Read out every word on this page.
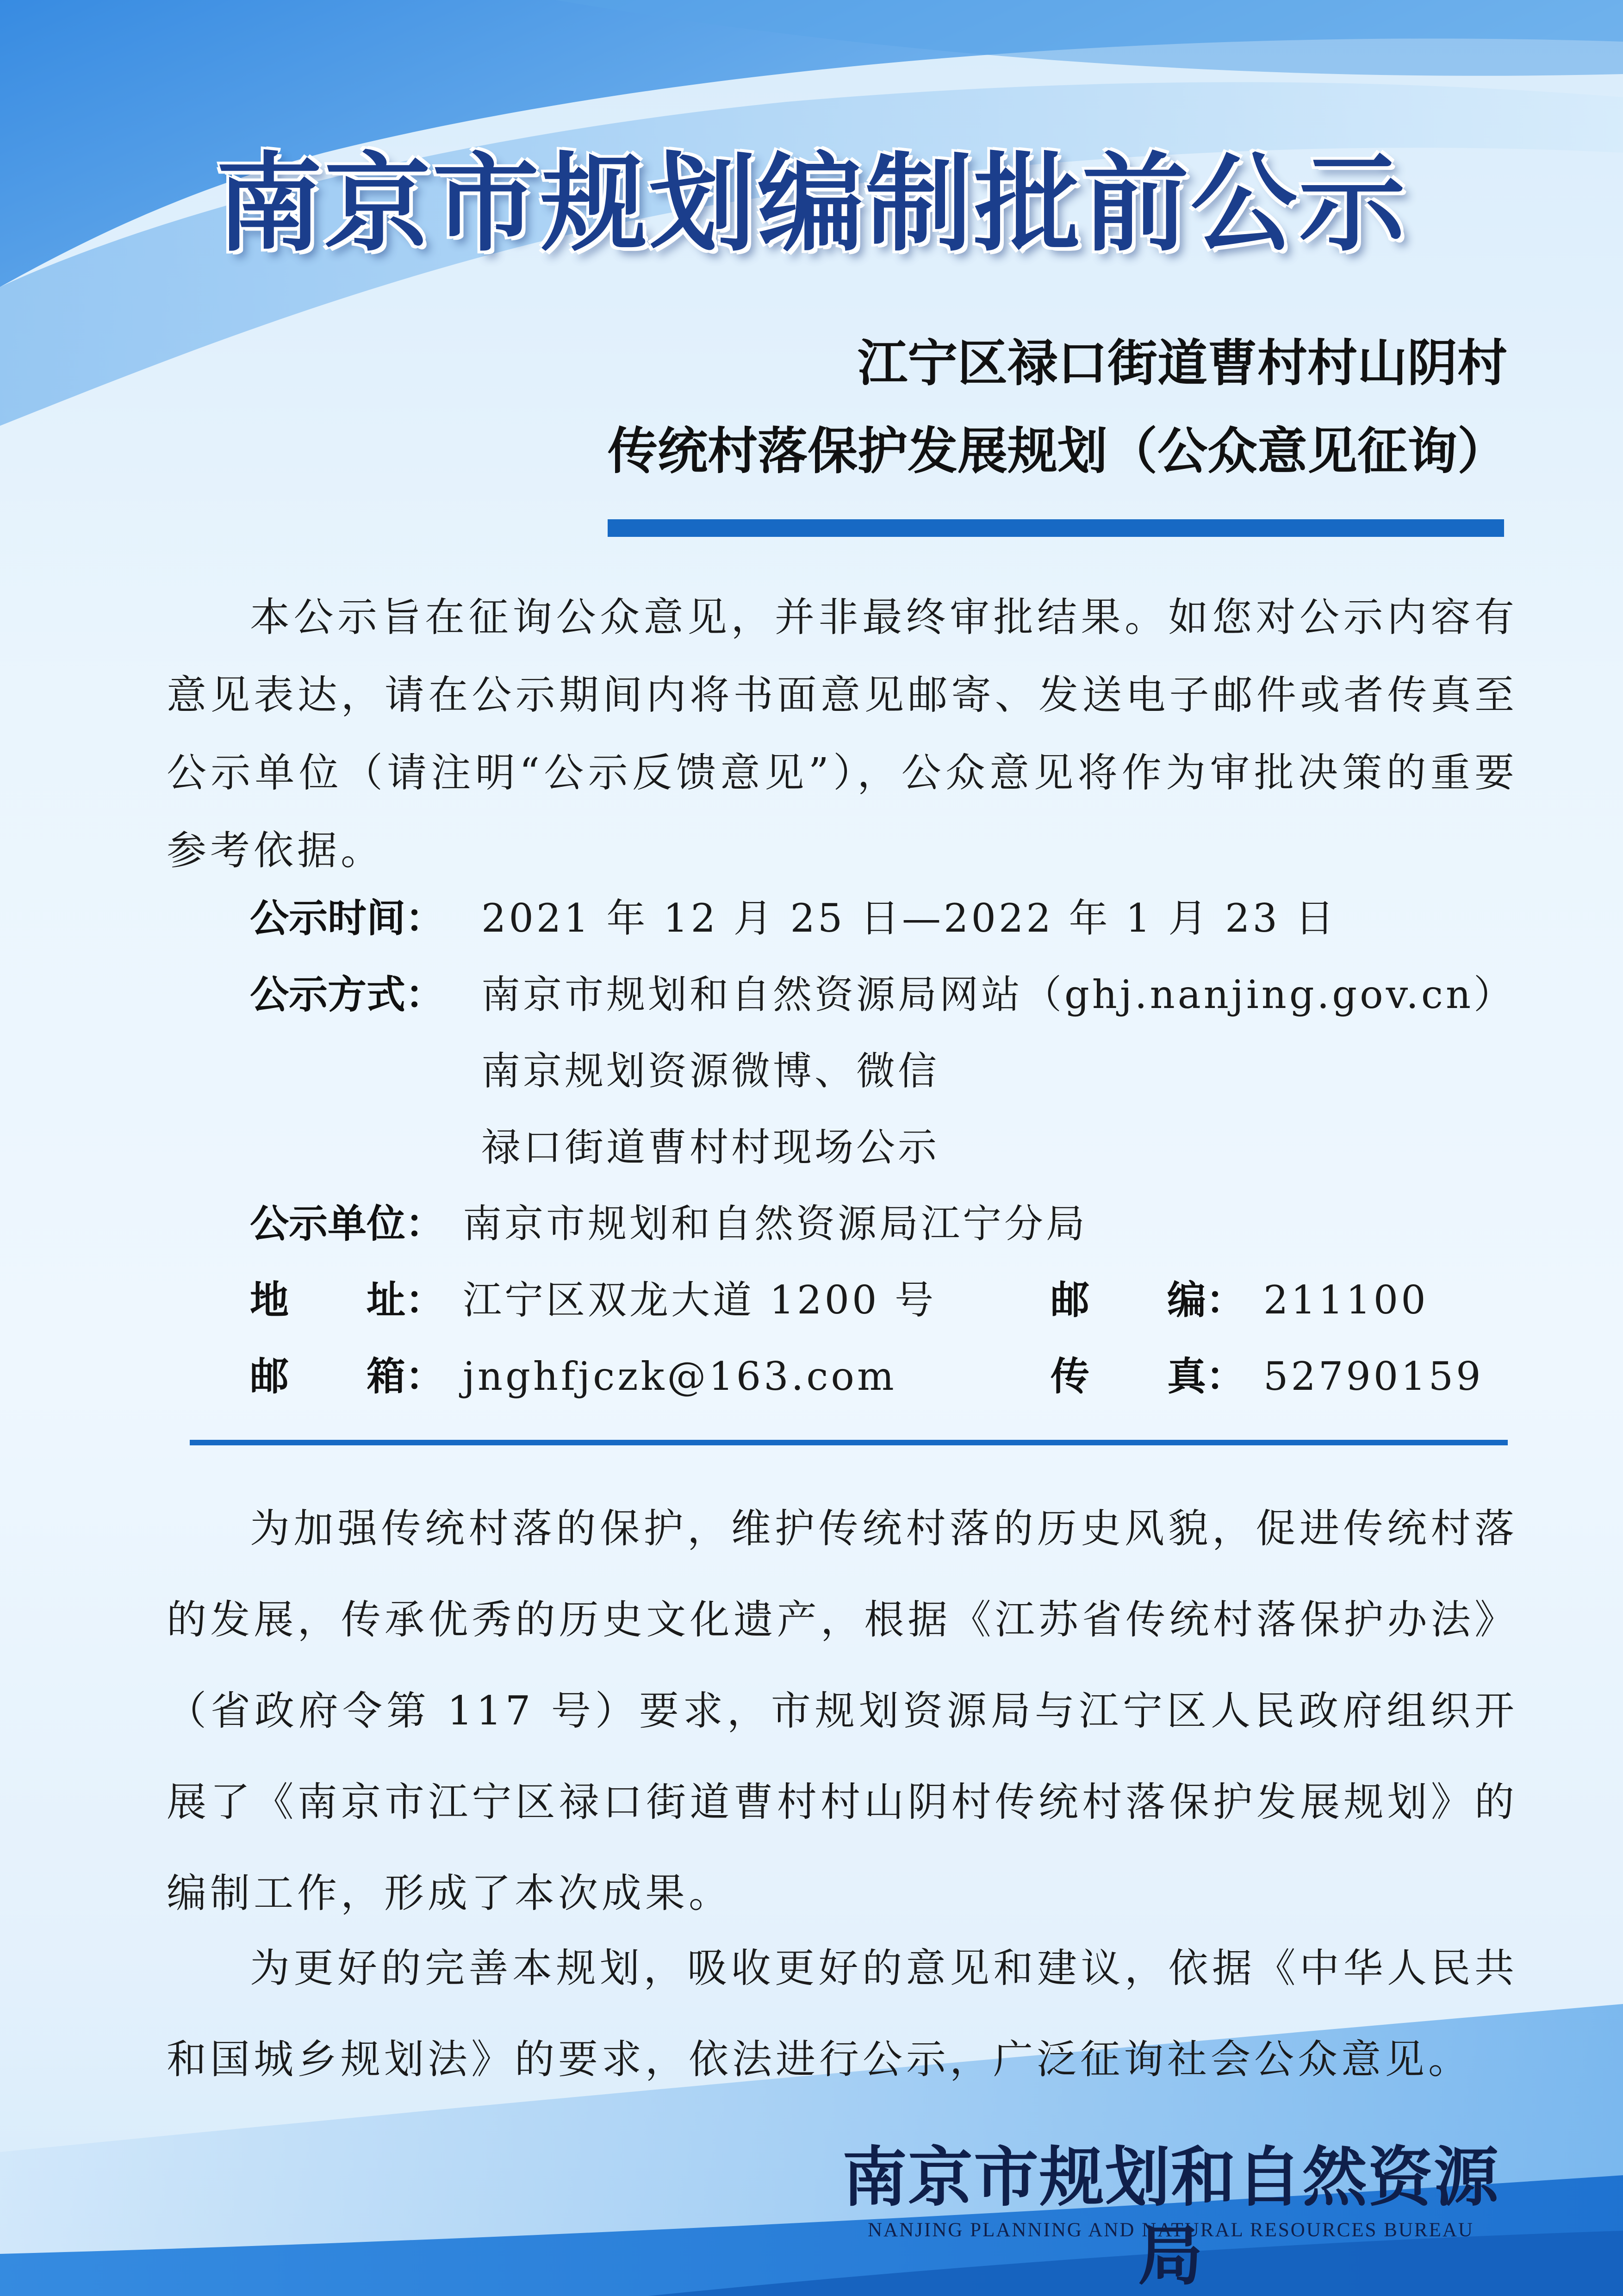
南京市规划编制批前公示
江宁区禄口街道曹村村山阴村
传统村落保护发展规划（公众意见征询）
本公示旨在征询公众意见，并非最终审批结果。如您对公示内容有意见表达，请在公示期间内将书面意见邮寄、发送电子邮件或者传真至公示单位（请注明“公示反馈意见”），公众意见将作为审批决策的重要参考依据。
公示时间： 2021 年 12 月 25 日—2022 年 1 月 23 日
公示方式： 南京市规划和自然资源局网站（ghj.nanjing.gov.cn）
南京规划资源微博、微信
禄口街道曹村村现场公示
公示单位： 南京市规划和自然资源局江宁分局
地　　址： 江宁区双龙大道 1200 号	邮　　编： 211100
邮　　箱： jnghfjczk@163.com	传　　真： 52790159
为加强传统村落的保护，维护传统村落的历史风貌，促进传统村落的发展，传承优秀的历史文化遗产，根据《江苏省传统村落保护办法》（省政府令第 117 号）要求，市规划资源局与江宁区人民政府组织开展了《南京市江宁区禄口街道曹村村山阴村传统村落保护发展规划》的编制工作，形成了本次成果。
为更好的完善本规划，吸收更好的意见和建议，依据《中华人民共和国城乡规划法》的要求，依法进行公示，广泛征询社会公众意见。
南京市规划和自然资源局
NANJING PLANNING AND NATURAL RESOURCES BUREAU
